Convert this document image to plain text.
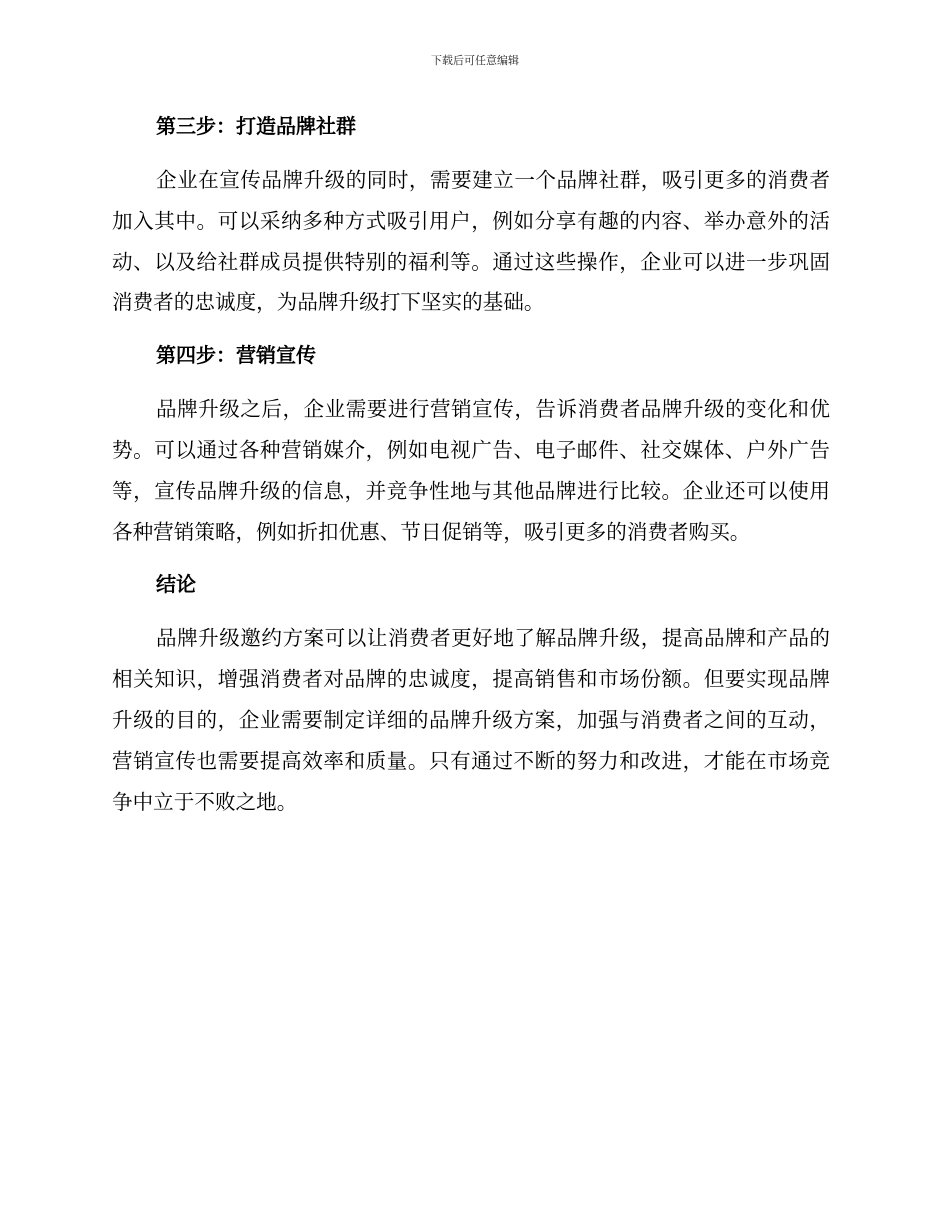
下载后可任意编辑
第三步：打造品牌社群

企业在宣传品牌升级的同时，需要建立一个品牌社群，吸引更多的消费者加入其中。可以采纳多种方式吸引用户，例如分享有趣的内容、举办意外的活动、以及给社群成员提供特别的福利等。通过这些操作，企业可以进一步巩固消费者的忠诚度，为品牌升级打下坚实的基础。

第四步：营销宣传

品牌升级之后，企业需要进行营销宣传，告诉消费者品牌升级的变化和优势。可以通过各种营销媒介，例如电视广告、电子邮件、社交媒体、户外广告等，宣传品牌升级的信息，并竞争性地与其他品牌进行比较。企业还可以使用各种营销策略，例如折扣优惠、节日促销等，吸引更多的消费者购买。

结论

品牌升级邀约方案可以让消费者更好地了解品牌升级，提高品牌和产品的相关知识，增强消费者对品牌的忠诚度，提高销售和市场份额。但要实现品牌升级的目的，企业需要制定详细的品牌升级方案，加强与消费者之间的互动，营销宣传也需要提高效率和质量。只有通过不断的努力和改进，才能在市场竞争中立于不败之地。
